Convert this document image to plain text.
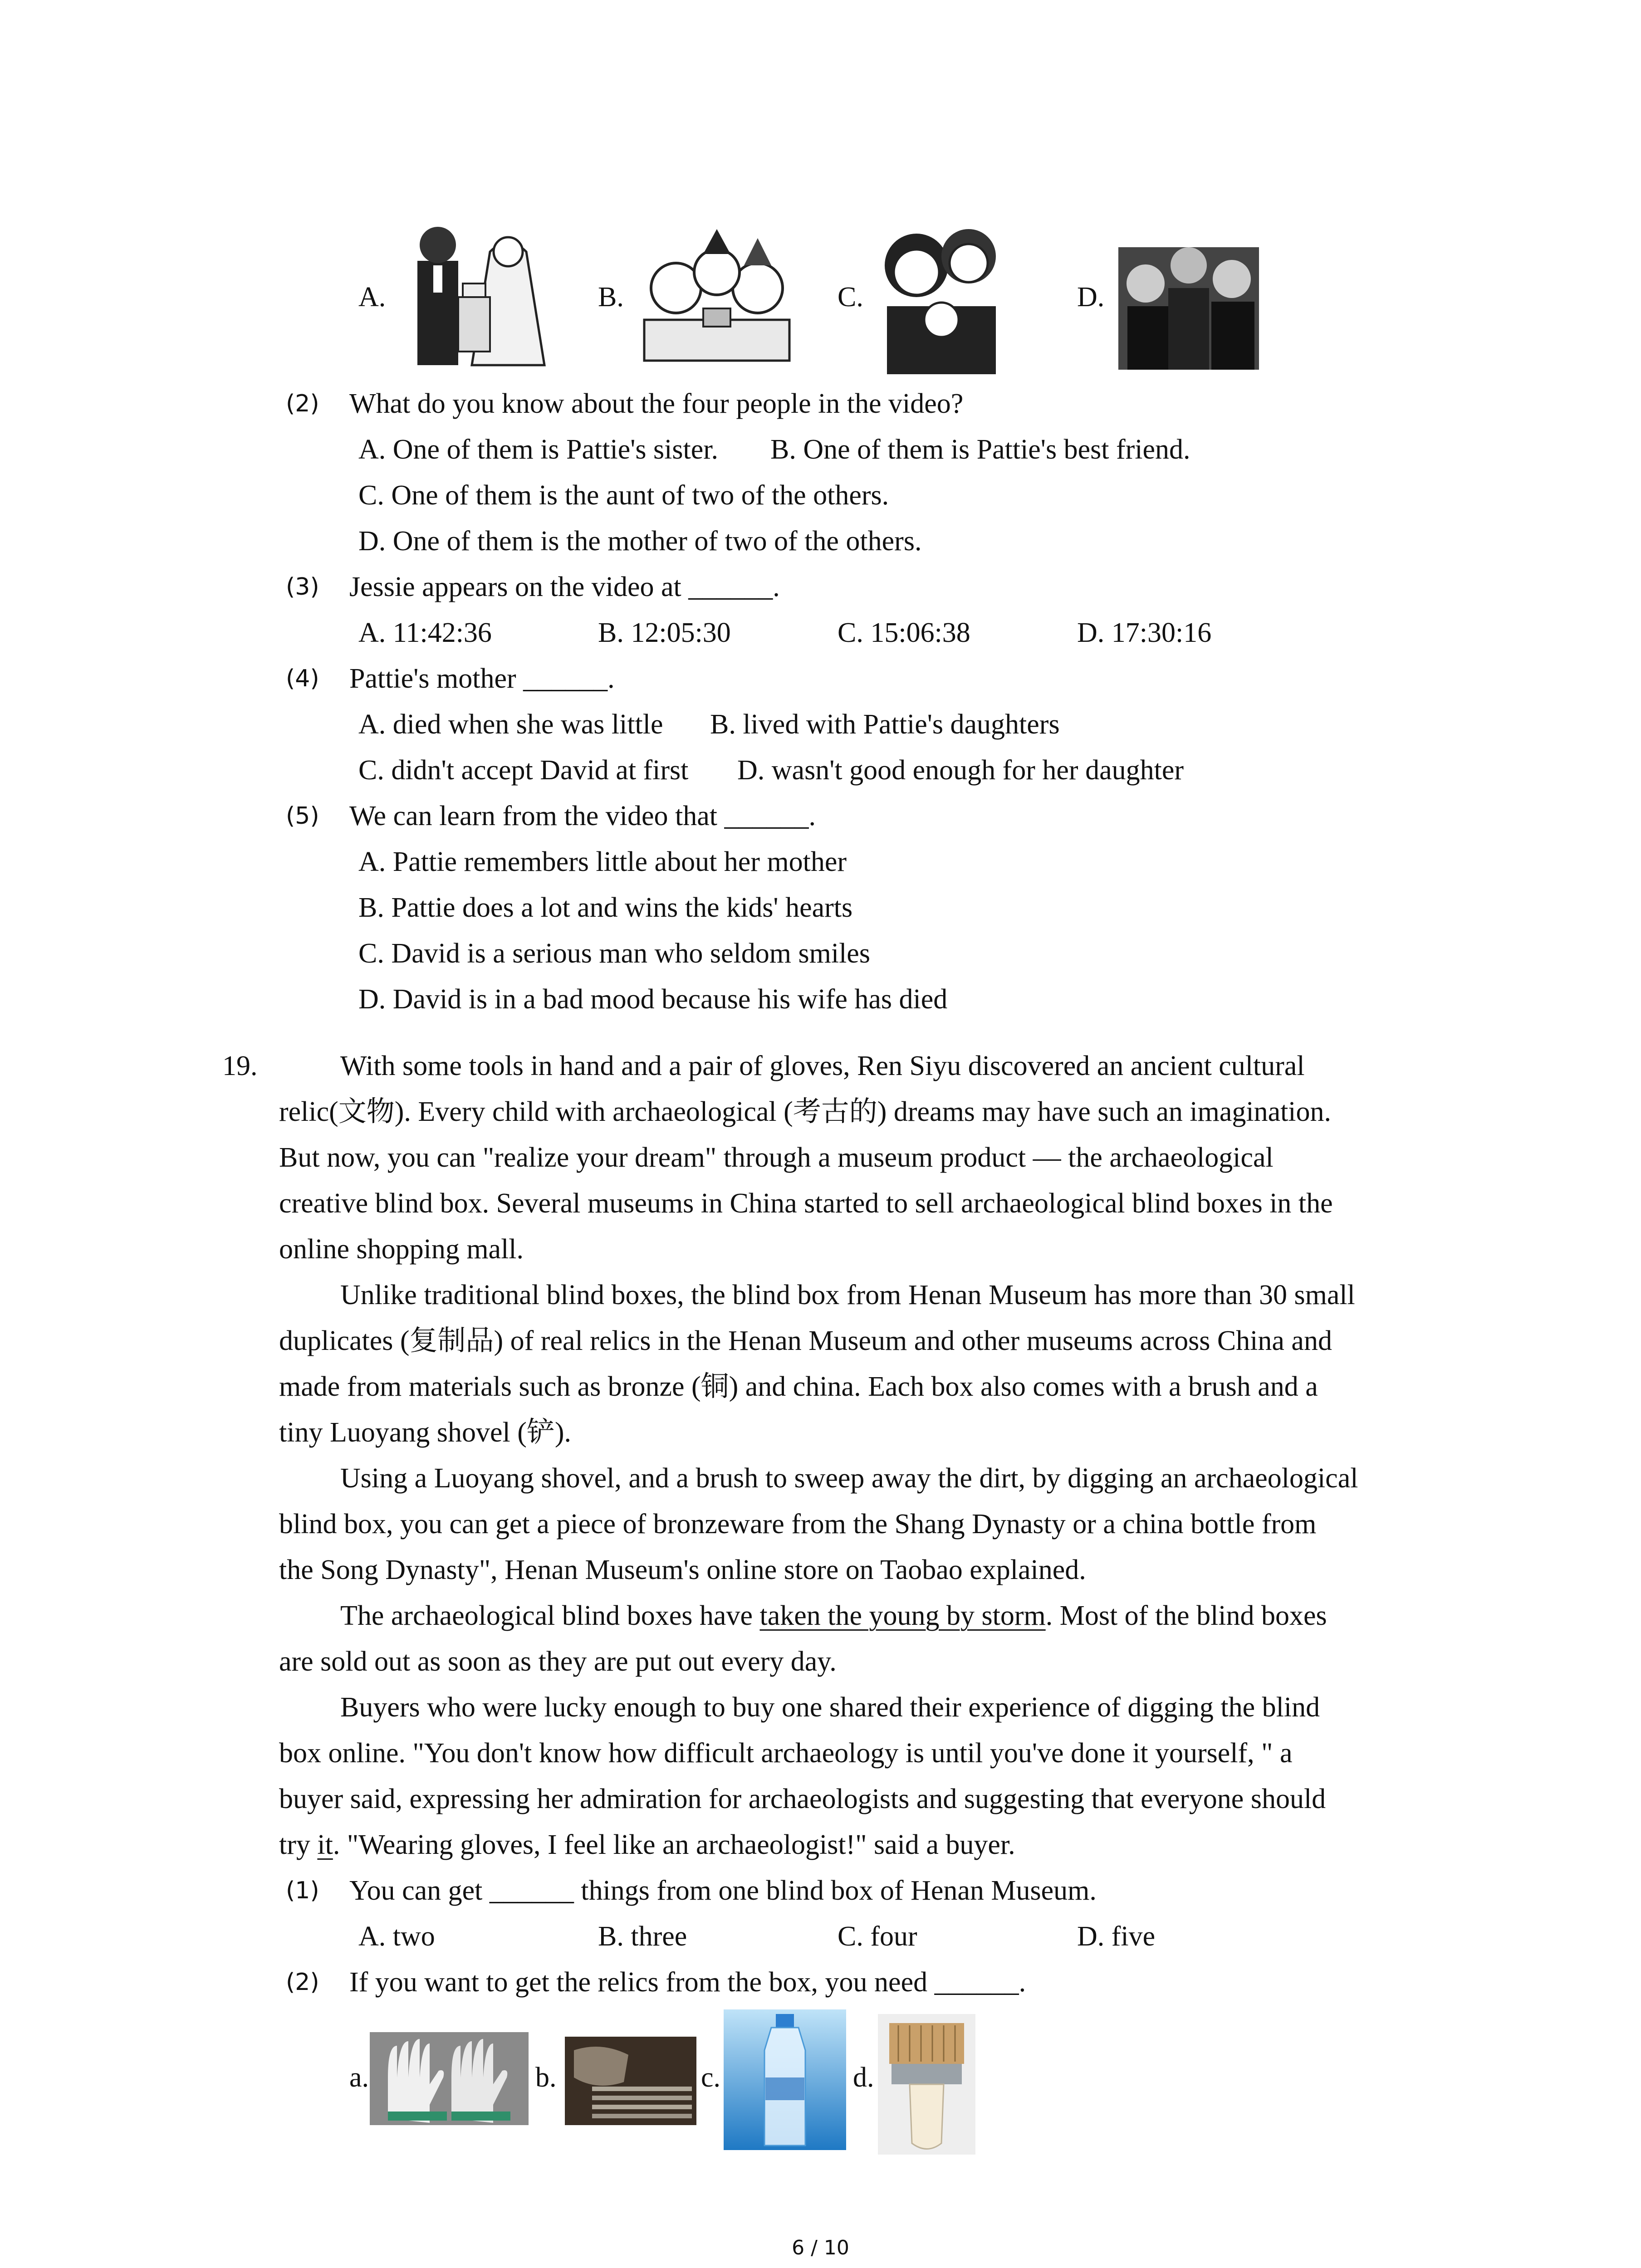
A.	B.	C.	D.
(2) What do you know about the four people in the video?
A. One of them is Pattie's sister. B. One of them is Pattie's best friend.
C. One of them is the aunt of two of the others.
D. One of them is the mother of two of the others.
(3) Jessie appears on the video at ______.
A. 11:42:36	B. 12:05:30	C. 15:06:38	D. 17:30:16
(4) Pattie's mother ______.
A. died when she was little B. lived with Pattie's daughters
C. didn't accept David at first D. wasn't good enough for her daughter
(5) We can learn from the video that ______.
A. Pattie remembers little about her mother
B. Pattie does a lot and wins the kids' hearts
C. David is a serious man who seldom smiles
D. David is in a bad mood because his wife has died
19.	With some tools in hand and a pair of gloves, Ren Siyu discovered an ancient cultural
relic(文物). Every child with archaeological (考古的) dreams may have such an imagination.
But now, you can "realize your dream" through a museum product — the archaeological
creative blind box. Several museums in China started to sell archaeological blind boxes in the
online shopping mall.
Unlike traditional blind boxes, the blind box from Henan Museum has more than 30 small
duplicates (复制品) of real relics in the Henan Museum and other museums across China and
made from materials such as bronze (铜) and china. Each box also comes with a brush and a
tiny Luoyang shovel (铲).
Using a Luoyang shovel, and a brush to sweep away the dirt, by digging an archaeological
blind box, you can get a piece of bronzeware from the Shang Dynasty or a china bottle from
the Song Dynasty", Henan Museum's online store on Taobao explained.
The archaeological blind boxes have taken the young by storm. Most of the blind boxes
are sold out as soon as they are put out every day.
Buyers who were lucky enough to buy one shared their experience of digging the blind
box online. "You don't know how difficult archaeology is until you've done it yourself, " a
buyer said, expressing her admiration for archaeologists and suggesting that everyone should
try it. "Wearing gloves, I feel like an archaeologist!" said a buyer.
(1) You can get ______ things from one blind box of Henan Museum.
A. two	B. three	C. four	D. five
(2) If you want to get the relics from the box, you need ______.
a.	b.	c.	d.
6 / 10
